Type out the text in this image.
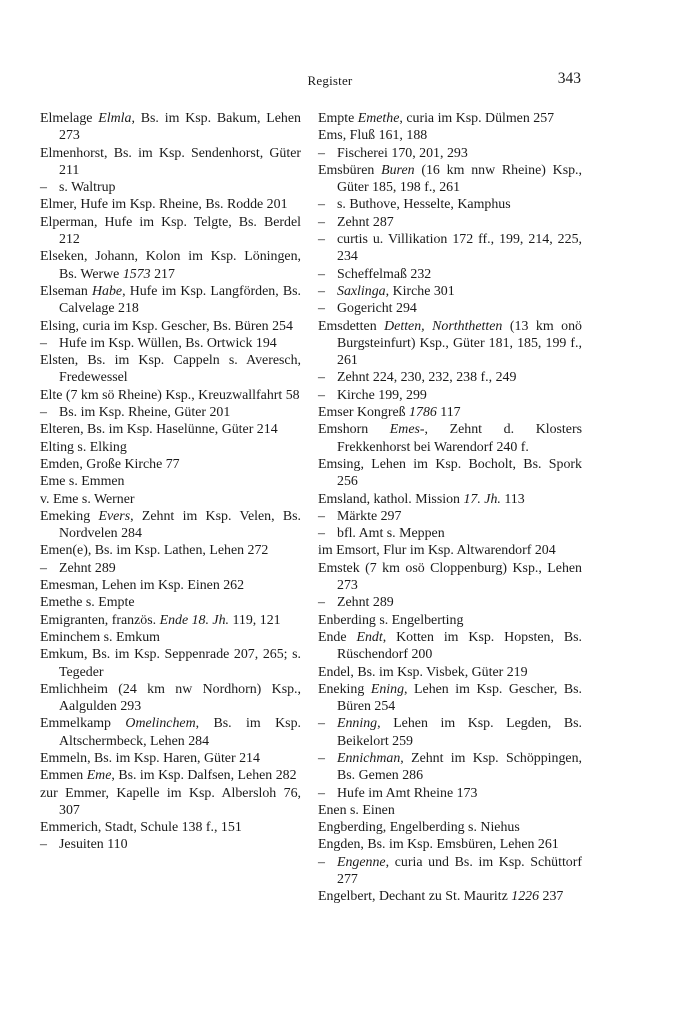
Register	343
Elmelage Elmla, Bs. im Ksp. Bakum, Lehen 273
Elmenhorst, Bs. im Ksp. Sendenhorst, Güter 211
– s. Waltrup
Elmer, Hufe im Ksp. Rheine, Bs. Rodde 201
Elperman, Hufe im Ksp. Telgte, Bs. Berdel 212
Elseken, Johann, Kolon im Ksp. Löningen, Bs. Werwe 1573 217
Elseman Habe, Hufe im Ksp. Langförden, Bs. Calvelage 218
Elsing, curia im Ksp. Gescher, Bs. Büren 254
– Hufe im Ksp. Wüllen, Bs. Ortwick 194
Elsten, Bs. im Ksp. Cappeln s. Averesch, Fredewessel
Elte (7 km sö Rheine) Ksp., Kreuzwallfahrt 58
– Bs. im Ksp. Rheine, Güter 201
Elteren, Bs. im Ksp. Haselünne, Güter 214
Elting s. Elking
Emden, Große Kirche 77
Eme s. Emmen
v. Eme s. Werner
Emeking Evers, Zehnt im Ksp. Velen, Bs. Nordvelen 284
Emen(e), Bs. im Ksp. Lathen, Lehen 272
– Zehnt 289
Emesman, Lehen im Ksp. Einen 262
Emethe s. Empte
Emigranten, französ. Ende 18. Jh. 119, 121
Eminchem s. Emkum
Emkum, Bs. im Ksp. Seppenrade 207, 265; s. Tegeder
Emlichheim (24 km nw Nordhorn) Ksp., Aalgulden 293
Emmelkamp Omelinchem, Bs. im Ksp. Altschermbeck, Lehen 284
Emmeln, Bs. im Ksp. Haren, Güter 214
Emmen Eme, Bs. im Ksp. Dalfsen, Lehen 282
zur Emmer, Kapelle im Ksp. Albersloh 76, 307
Emmerich, Stadt, Schule 138 f., 151
– Jesuiten 110
Empte Emethe, curia im Ksp. Dülmen 257
Ems, Fluß 161, 188
– Fischerei 170, 201, 293
Emsbüren Buren (16 km nnw Rheine) Ksp., Güter 185, 198 f., 261
– s. Buthove, Hesselte, Kamphus
– Zehnt 287
– curtis u. Villikation 172 ff., 199, 214, 225, 234
– Scheffelmaß 232
– Saxlinga, Kirche 301
– Gogericht 294
Emsdetten Detten, Norththetten (13 km onö Burgsteinfurt) Ksp., Güter 181, 185, 199 f., 261
– Zehnt 224, 230, 232, 238 f., 249
– Kirche 199, 299
Emser Kongreß 1786 117
Emshorn Emes-, Zehnt d. Klosters Frekkenhorst bei Warendorf 240 f.
Emsing, Lehen im Ksp. Bocholt, Bs. Spork 256
Emsland, kathol. Mission 17. Jh. 113
– Märkte 297
– bfl. Amt s. Meppen
im Emsort, Flur im Ksp. Altwarendorf 204
Emstek (7 km osö Cloppenburg) Ksp., Lehen 273
– Zehnt 289
Enberding s. Engelberting
Ende Endt, Kotten im Ksp. Hopsten, Bs. Rüschendorf 200
Endel, Bs. im Ksp. Visbek, Güter 219
Eneking Ening, Lehen im Ksp. Gescher, Bs. Büren 254
– Enning, Lehen im Ksp. Legden, Bs. Beikelort 259
– Ennichman, Zehnt im Ksp. Schöppingen, Bs. Gemen 286
– Hufe im Amt Rheine 173
Enen s. Einen
Engberding, Engelberding s. Niehus
Engden, Bs. im Ksp. Emsbüren, Lehen 261
– Engenne, curia und Bs. im Ksp. Schüttorf 277
Engelbert, Dechant zu St. Mauritz 1226 237
